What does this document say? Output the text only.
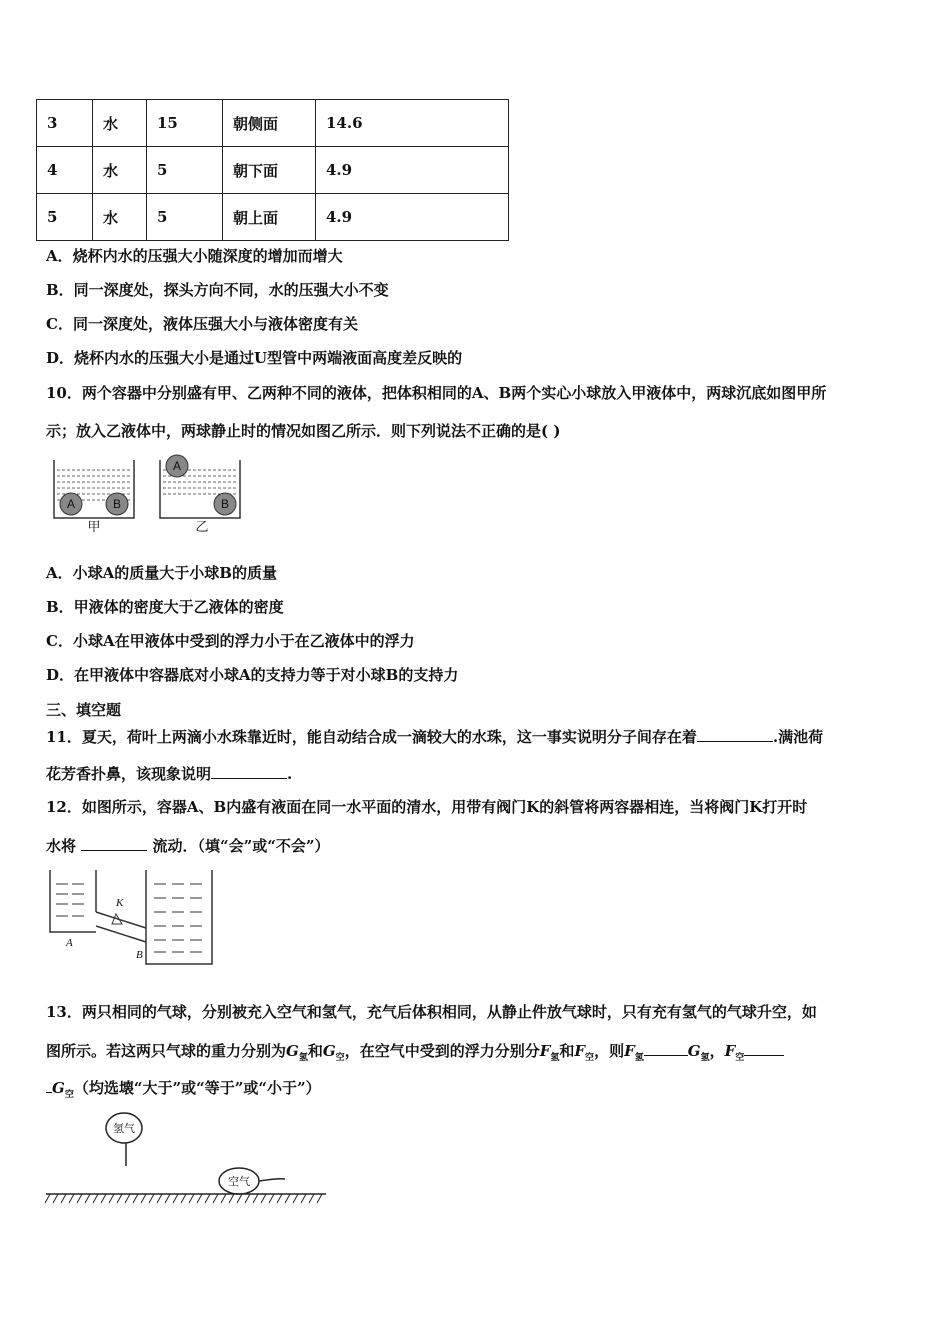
3	水	15	朝侧面	14.6
4	水	5	朝下面	4.9
5	水	5	朝上面	4.9
A．烧杯内水的压强大小随深度的增加而增大
B．同一深度处，探头方向不同，水的压强大小不变
C．同一深度处，液体压强大小与液体密度有关
D．烧杯内水的压强大小是通过U型管中两端液面高度差反映的
10．两个容器中分别盛有甲、乙两种不同的液体，把体积相同的A、B两个实心小球放入甲液体中，两球沉底如图甲所
示；放入乙液体中，两球静止时的情况如图乙所示．则下列说法不正确的是( )
A	B
A
B
甲	乙
A．小球A的质量大于小球B的质量
B．甲液体的密度大于乙液体的密度
C．小球A在甲液体中受到的浮力小于在乙液体中的浮力
D．在甲液体中容器底对小球A的支持力等于对小球B的支持力
三、填空题
11．夏天，荷叶上两滴小水珠靠近时，能自动结合成一滴较大的水珠，这一事实说明分子间存在着	.满池荷
花芳香扑鼻，该现象说明	.
12．如图所示，容器A、B内盛有液面在同一水平面的清水，用带有阀门K的斜管将两容器相连，当将阀门K打开时
水将	流动．（填“会”或“不会”）
A
B
K
13．两只相同的气球，分别被充入空气和氢气，充气后体积相同，从静止件放气球时，只有充有氢气的气球升空，如
图所示。若这两只气球的重力分别为$G_氢$和$G_空$，在空气中受到的浮力分别分$F_氢$和$F_空$，则$F_氢$	$G_氢$，$F_空$
$G_空$（均选壊“大于”或“等于”或“小于”）
氢气
空气
